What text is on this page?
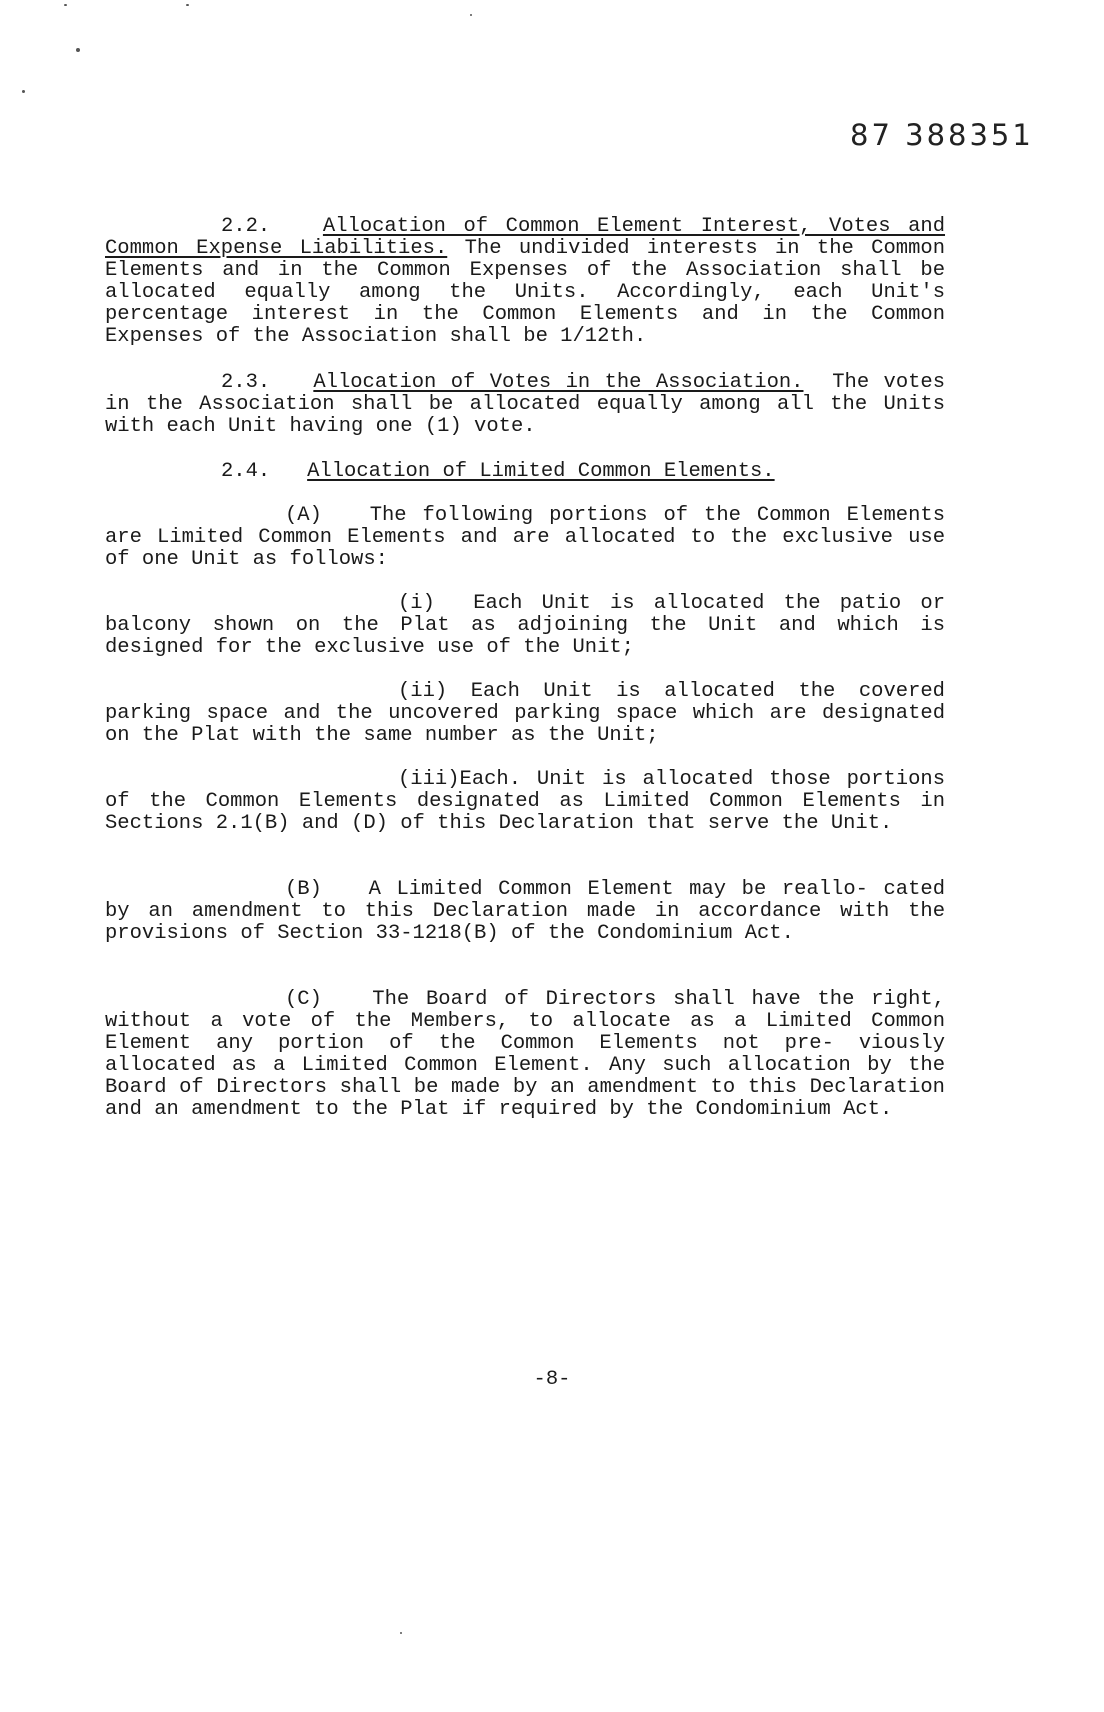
87 388351

2.2.	Allocation of Common Element Interest, Votes and Common Expense Liabilities. The undivided interests in the Common Elements and in the Common Expenses of the Association shall be allocated equally among the Units. Accordingly, each Unit's percentage interest in the Common Elements and in the Common Expenses of the Association shall be 1/12th.

2.3. Allocation of Votes in the Association. The votes in the Association shall be allocated equally among all the Units with each Unit having one (1) vote.

2.4. Allocation of Limited Common Elements.

(A) The following portions of the Common Elements are Limited Common Elements and are allocated to the exclusive use of one Unit as follows:

(i) Each Unit is allocated the patio or balcony shown on the Plat as adjoining the Unit and which is designed for the exclusive use of the Unit;

(ii) Each Unit is allocated the covered parking space and the uncovered parking space which are designated on the Plat with the same number as the Unit;

(iii)Each. Unit is allocated those portions of the Common Elements designated as Limited Common Elements in Sections 2.1(B) and (D) of this Declaration that serve the Unit.

(B) A Limited Common Element may be reallo- cated by an amendment to this Declaration made in accordance with the provisions of Section 33-1218(B) of the Condominium Act.

(C) The Board of Directors shall have the right, without a vote of the Members, to allocate as a Limited Common Element any portion of the Common Elements not pre- viously allocated as a Limited Common Element. Any such allocation by the Board of Directors shall be made by an amendment to this Declaration and an amendment to the Plat if required by the Condominium Act.

-8-
